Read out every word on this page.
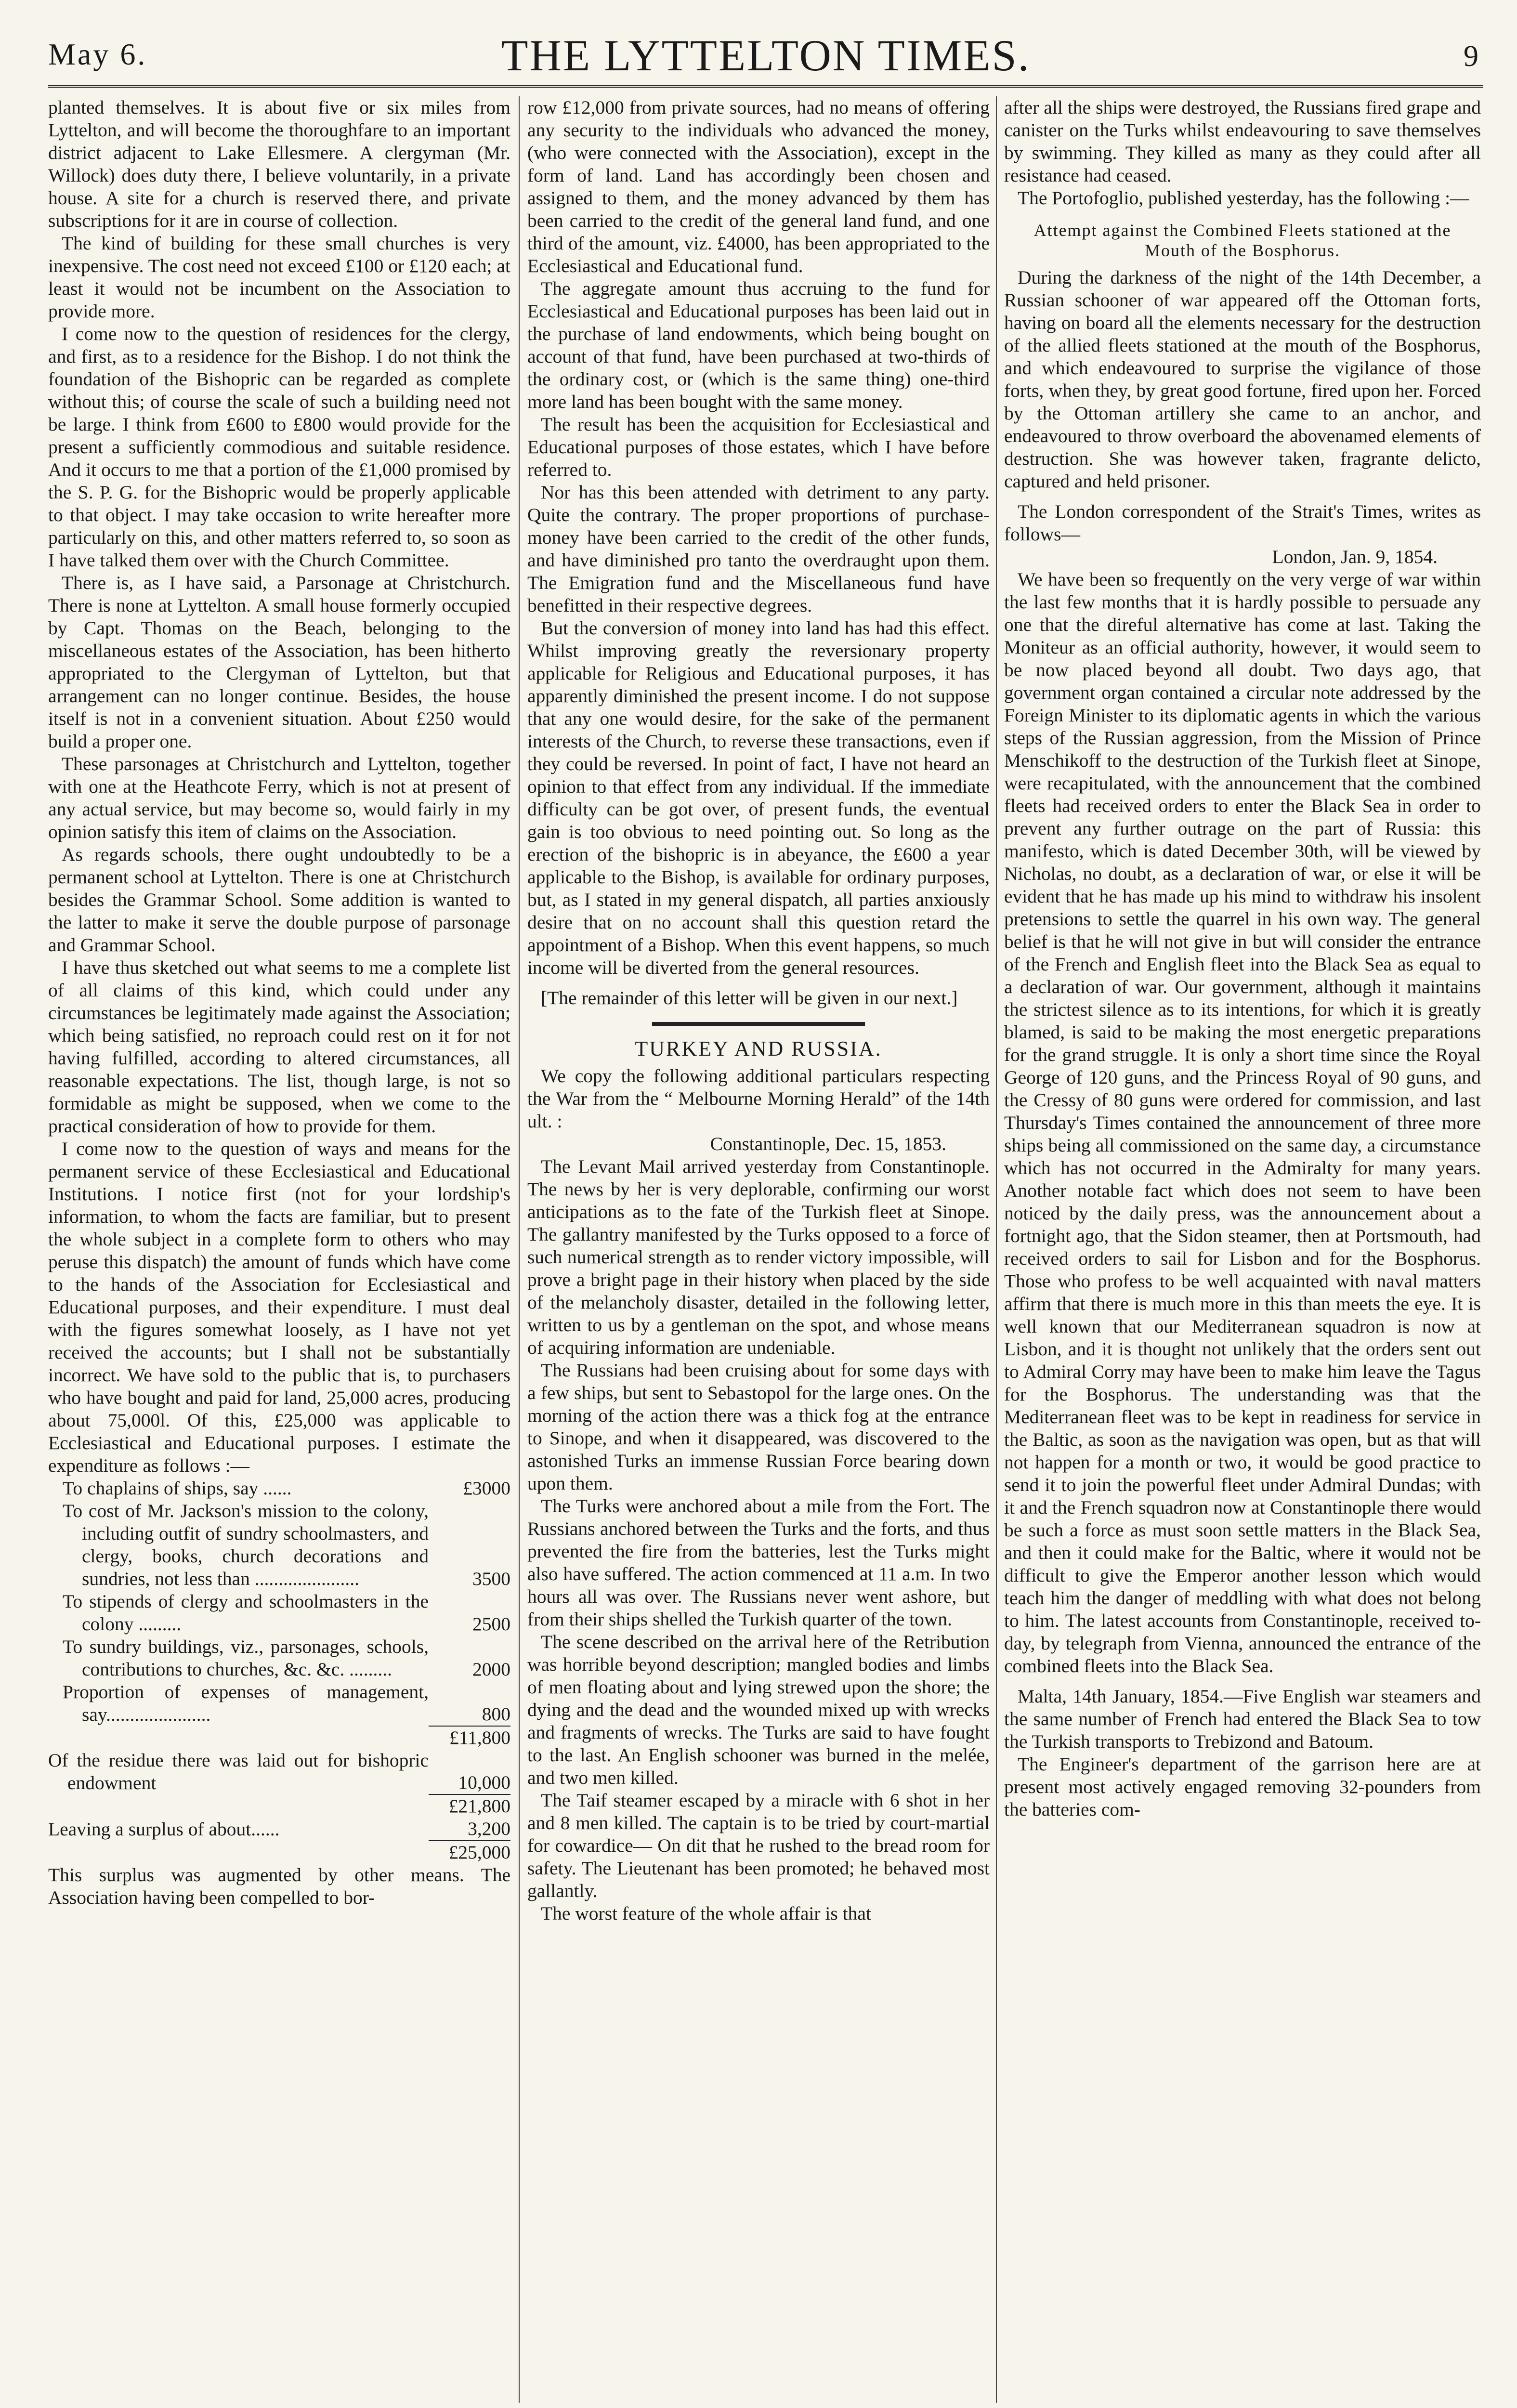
May 6.	THE LYTTELTON TIMES.	9

planted themselves. It is about five or six miles from Lyttelton, and will become the thoroughfare to an important district adjacent to Lake Ellesmere. A clergyman (Mr. Willock) does duty there, I believe voluntarily, in a private house. A site for a church is reserved there, and private subscriptions for it are in course of collection.

The kind of building for these small churches is very inexpensive. The cost need not exceed £100 or £120 each; at least it would not be incumbent on the Association to provide more.

I come now to the question of residences for the clergy, and first, as to a residence for the Bishop. I do not think the foundation of the Bishopric can be regarded as complete without this; of course the scale of such a building need not be large. I think from £600 to £800 would provide for the present a sufficiently commodious and suitable residence. And it occurs to me that a portion of the £1,000 promised by the S. P. G. for the Bishopric would be properly applicable to that object. I may take occasion to write hereafter more particularly on this, and other matters referred to, so soon as I have talked them over with the Church Committee.

There is, as I have said, a Parsonage at Christchurch. There is none at Lyttelton. A small house formerly occupied by Capt. Thomas on the Beach, belonging to the miscellaneous estates of the Association, has been hitherto appropriated to the Clergyman of Lyttelton, but that arrangement can no longer continue. Besides, the house itself is not in a convenient situation. About £250 would build a proper one.

These parsonages at Christchurch and Lyttelton, together with one at the Heathcote Ferry, which is not at present of any actual service, but may become so, would fairly in my opinion satisfy this item of claims on the Association.

As regards schools, there ought undoubtedly to be a permanent school at Lyttelton. There is one at Christchurch besides the Grammar School. Some addition is wanted to the latter to make it serve the double purpose of parsonage and Grammar School.

I have thus sketched out what seems to me a complete list of all claims of this kind, which could under any circumstances be legitimately made against the Association; which being satisfied, no reproach could rest on it for not having fulfilled, according to altered circumstances, all reasonable expectations. The list, though large, is not so formidable as might be supposed, when we come to the practical consideration of how to provide for them.

I come now to the question of ways and means for the permanent service of these Ecclesiastical and Educational Institutions. I notice first (not for your lordship's information, to whom the facts are familiar, but to present the whole subject in a complete form to others who may peruse this dispatch) the amount of funds which have come to the hands of the Association for Ecclesiastical and Educational purposes, and their expenditure. I must deal with the figures somewhat loosely, as I have not yet received the accounts; but I shall not be substantially incorrect. We have sold to the public that is, to purchasers who have bought and paid for land, 25,000 acres, producing about 75,000l. Of this, £25,000 was applicable to Ecclesiastical and Educational purposes. I estimate the expenditure as follows :—

To chaplains of ships, say ......	£3000
To cost of Mr. Jackson's mission to the colony, including outfit of sundry schoolmasters, and clergy, books, church decorations and sundries, not less than ......................	3500
To stipends of clergy and schoolmasters in the colony .........	2500
To sundry buildings, viz., parsonages, schools, contributions to churches, &c. &c. .........	2000
Proportion of expenses of management, say......................	800
	£11,800
Of the residue there was laid out for bishopric endowment	10,000
	£21,800
Leaving a surplus of about......	3,200
	£25,000

This surplus was augmented by other means. The Association having been compelled to bor-

row £12,000 from private sources, had no means of offering any security to the individuals who advanced the money, (who were connected with the Association), except in the form of land. Land has accordingly been chosen and assigned to them, and the money advanced by them has been carried to the credit of the general land fund, and one third of the amount, viz. £4000, has been appropriated to the Ecclesiastical and Educational fund.

The aggregate amount thus accruing to the fund for Ecclesiastical and Educational purposes has been laid out in the purchase of land endowments, which being bought on account of that fund, have been purchased at two-thirds of the ordinary cost, or (which is the same thing) one-third more land has been bought with the same money.

The result has been the acquisition for Ecclesiastical and Educational purposes of those estates, which I have before referred to.

Nor has this been attended with detriment to any party. Quite the contrary. The proper proportions of purchase-money have been carried to the credit of the other funds, and have diminished pro tanto the overdraught upon them. The Emigration fund and the Miscellaneous fund have benefitted in their respective degrees.

But the conversion of money into land has had this effect. Whilst improving greatly the reversionary property applicable for Religious and Educational purposes, it has apparently diminished the present income. I do not suppose that any one would desire, for the sake of the permanent interests of the Church, to reverse these transactions, even if they could be reversed. In point of fact, I have not heard an opinion to that effect from any individual. If the immediate difficulty can be got over, of present funds, the eventual gain is too obvious to need pointing out. So long as the erection of the bishopric is in abeyance, the £600 a year applicable to the Bishop, is available for ordinary purposes, but, as I stated in my general dispatch, all parties anxiously desire that on no account shall this question retard the appointment of a Bishop. When this event happens, so much income will be diverted from the general resources.

[The remainder of this letter will be given in our next.]

TURKEY AND RUSSIA.

We copy the following additional particulars respecting the War from the “ Melbourne Morning Herald” of the 14th ult. :

Constantinople, Dec. 15, 1853.

The Levant Mail arrived yesterday from Constantinople. The news by her is very deplorable, confirming our worst anticipations as to the fate of the Turkish fleet at Sinope. The gallantry manifested by the Turks opposed to a force of such numerical strength as to render victory impossible, will prove a bright page in their history when placed by the side of the melancholy disaster, detailed in the following letter, written to us by a gentleman on the spot, and whose means of acquiring information are undeniable.

The Russians had been cruising about for some days with a few ships, but sent to Sebastopol for the large ones. On the morning of the action there was a thick fog at the entrance to Sinope, and when it disappeared, was discovered to the astonished Turks an immense Russian Force bearing down upon them.

The Turks were anchored about a mile from the Fort. The Russians anchored between the Turks and the forts, and thus prevented the fire from the batteries, lest the Turks might also have suffered. The action commenced at 11 a.m. In two hours all was over. The Russians never went ashore, but from their ships shelled the Turkish quarter of the town.

The scene described on the arrival here of the Retribution was horrible beyond description; mangled bodies and limbs of men floating about and lying strewed upon the shore; the dying and the dead and the wounded mixed up with wrecks and fragments of wrecks. The Turks are said to have fought to the last. An English schooner was burned in the melée, and two men killed.

The Taif steamer escaped by a miracle with 6 shot in her and 8 men killed. The captain is to be tried by court-martial for cowardice— On dit that he rushed to the bread room for safety. The Lieutenant has been promoted; he behaved most gallantly.

The worst feature of the whole affair is that

after all the ships were destroyed, the Russians fired grape and canister on the Turks whilst endeavouring to save themselves by swimming. They killed as many as they could after all resistance had ceased.

The Portofoglio, published yesterday, has the following :—

Attempt against the Combined Fleets stationed at the Mouth of the Bosphorus.

During the darkness of the night of the 14th December, a Russian schooner of war appeared off the Ottoman forts, having on board all the elements necessary for the destruction of the allied fleets stationed at the mouth of the Bosphorus, and which endeavoured to surprise the vigilance of those forts, when they, by great good fortune, fired upon her. Forced by the Ottoman artillery she came to an anchor, and endeavoured to throw overboard the abovenamed elements of destruction. She was however taken, fragrante delicto, captured and held prisoner.

The London correspondent of the Strait's Times, writes as follows—

London, Jan. 9, 1854.

We have been so frequently on the very verge of war within the last few months that it is hardly possible to persuade any one that the direful alternative has come at last. Taking the Moniteur as an official authority, however, it would seem to be now placed beyond all doubt. Two days ago, that government organ contained a circular note addressed by the Foreign Minister to its diplomatic agents in which the various steps of the Russian aggression, from the Mission of Prince Menschikoff to the destruction of the Turkish fleet at Sinope, were recapitulated, with the announcement that the combined fleets had received orders to enter the Black Sea in order to prevent any further outrage on the part of Russia: this manifesto, which is dated December 30th, will be viewed by Nicholas, no doubt, as a declaration of war, or else it will be evident that he has made up his mind to withdraw his insolent pretensions to settle the quarrel in his own way. The general belief is that he will not give in but will consider the entrance of the French and English fleet into the Black Sea as equal to a declaration of war. Our government, although it maintains the strictest silence as to its intentions, for which it is greatly blamed, is said to be making the most energetic preparations for the grand struggle. It is only a short time since the Royal George of 120 guns, and the Princess Royal of 90 guns, and the Cressy of 80 guns were ordered for commission, and last Thursday's Times contained the announcement of three more ships being all commissioned on the same day, a circumstance which has not occurred in the Admiralty for many years. Another notable fact which does not seem to have been noticed by the daily press, was the announcement about a fortnight ago, that the Sidon steamer, then at Portsmouth, had received orders to sail for Lisbon and for the Bosphorus. Those who profess to be well acquainted with naval matters affirm that there is much more in this than meets the eye. It is well known that our Mediterranean squadron is now at Lisbon, and it is thought not unlikely that the orders sent out to Admiral Corry may have been to make him leave the Tagus for the Bosphorus. The understanding was that the Mediterranean fleet was to be kept in readiness for service in the Baltic, as soon as the navigation was open, but as that will not happen for a month or two, it would be good practice to send it to join the powerful fleet under Admiral Dundas; with it and the French squadron now at Constantinople there would be such a force as must soon settle matters in the Black Sea, and then it could make for the Baltic, where it would not be difficult to give the Emperor another lesson which would teach him the danger of meddling with what does not belong to him. The latest accounts from Constantinople, received to-day, by telegraph from Vienna, announced the entrance of the combined fleets into the Black Sea.

Malta, 14th January, 1854.—Five English war steamers and the same number of French had entered the Black Sea to tow the Turkish transports to Trebizond and Batoum.

The Engineer's department of the garrison here are at present most actively engaged removing 32-pounders from the batteries com-
